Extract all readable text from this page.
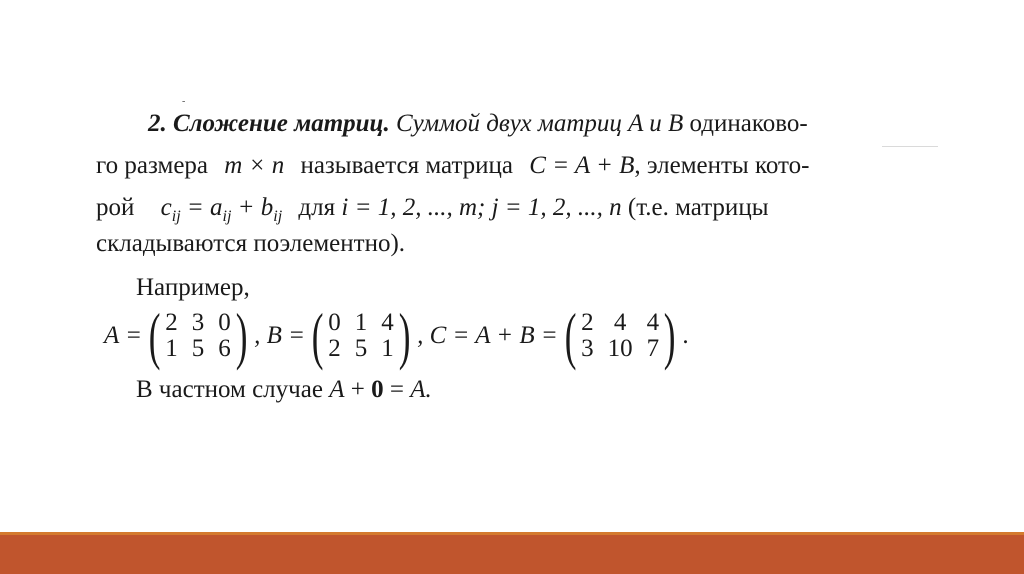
-
2. Сложение матриц. Суммой двух матриц A и B одинаково-
го размера m × n называется матрица C = A + B, элементы кото-
рой $c_{ij} = a_{ij} + b_{ij}$ для i = 1, 2, ..., m; j = 1, 2, ..., n (т.е. матрицы
складываются поэлементно).
Например,
A = ( 2 3 0
1 5 6 ) , B = ( 0 1 4
2 5 1 ) , C = A + B = ( 2 4 4
3 10 7 ) .
В частном случае A + 0 = A.
